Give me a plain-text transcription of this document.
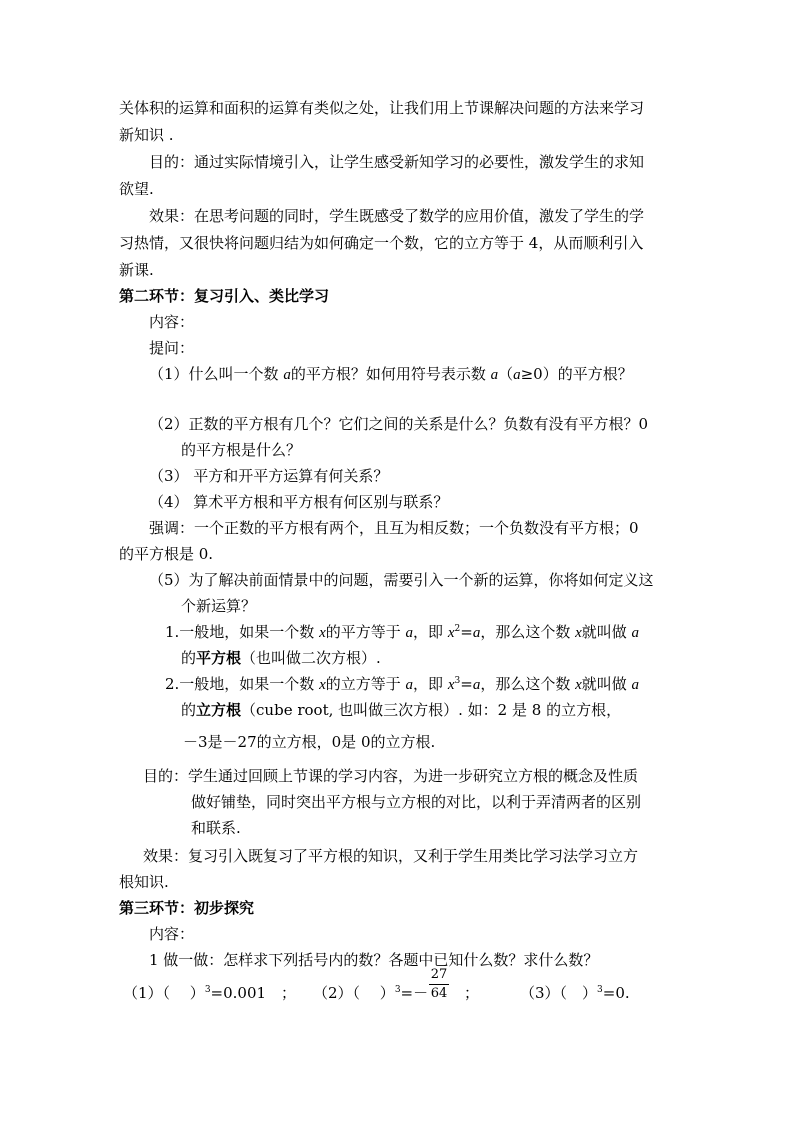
关体积的运算和面积的运算有类似之处，让我们用上节课解决问题的方法来学习
新知识 .
目的：通过实际情境引入，让学生感受新知学习的必要性，激发学生的求知
欲望.
效果：在思考问题的同时，学生既感受了数学的应用价值，激发了学生的学
习热情，又很快将问题归结为如何确定一个数，它的立方等于 4，从而顺利引入
新课.
第二环节：复习引入、类比学习
内容：
提问：
（1）什么叫一个数 a的平方根？如何用符号表示数 a（a≥0）的平方根？
（2）正数的平方根有几个？它们之间的关系是什么？负数有没有平方根？0
的平方根是什么？
（3） 平方和开平方运算有何关系？
（4） 算术平方根和平方根有何区别与联系？
强调：一个正数的平方根有两个，且互为相反数；一个负数没有平方根；0
的平方根是 0.
（5）为了解决前面情景中的问题，需要引入一个新的运算，你将如何定义这
个新运算？
1.一般地，如果一个数 x的平方等于 a，即 $x^2=a$，那么这个数 x就叫做 a
的平方根（也叫做二次方根）.
2.一般地，如果一个数 x的立方等于 a，即 $x^3=a$，那么这个数 x就叫做 a
的立方根（cube root, 也叫做三次方根）. 如：2 是 8 的立方根，
－3是－27的立方根，0是 0的立方根.
目的：学生通过回顾上节课的学习内容，为进一步研究立方根的概念及性质
做好铺垫，同时突出平方根与立方根的对比，以利于弄清两者的区别
和联系.
效果：复习引入既复习了平方根的知识，又利于学生用类比学习法学习立方
根知识.
第三环节：初步探究
内容：
1 做一做：怎样求下列括号内的数？各题中已知什么数？求什么数？
（1）（　 ）$^3$=0.001　； （2）（　 ）$^3$=－
27
64 ；	（3）（　）$^3$=0.
